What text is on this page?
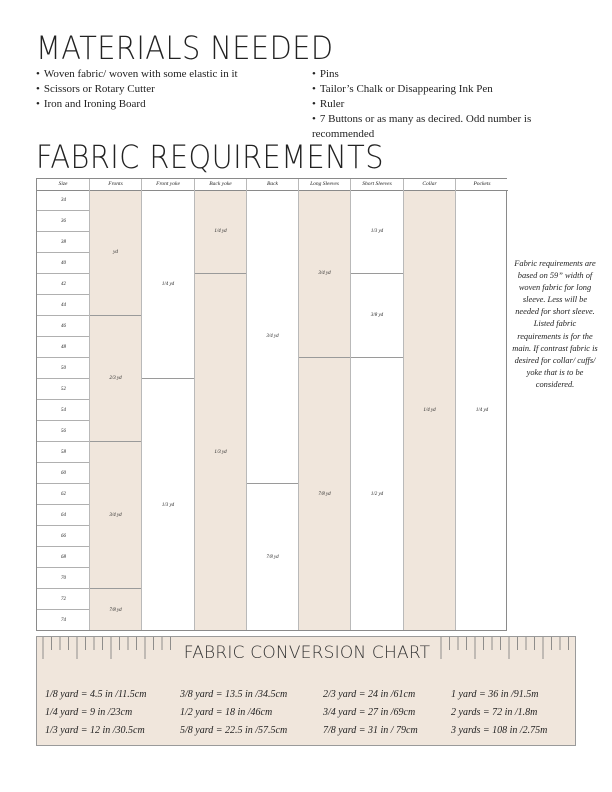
MATERIALS NEEDED
• Woven fabric/ woven with some elastic in it
• Scissors or Rotary Cutter
• Iron and Ironing Board
• Pins
• Tailor’s Chalk or Disappearing Ink Pen
• Ruler
• 7 Buttons or as many as decired. Odd number is recommended
FABRIC REQUIREMENTS
Size
34
36
38
40
42
44
46
48
50
52
54
56
58
60
62
64
66
68
70
72
74
Fronts
yd
2/3 yd
3/4 yd
7/8 yd
Front yoke
1/4 yd
1/3 yd
Back yoke
1/4 yd
1/3 yd
Back
3/4 yd
7/8 yd
Long Sleeves
3/4 yd
7/8 yd
Short Sleeves
1/3 yd
3/8 yd
1/2 yd
Collar
1/4 yd
Pockets
1/4 yd
Fabric requirements are based on 59” width of woven fabric for long sleeve. Less will be needed for short sleeve. Listed fabric requirements is for the main. If contrast fabric is desired for collar/ cuffs/ yoke that is to be considered.
FABRIC CONVERSION CHART
1/8 yard = 4.5 in /11.5cm
1/4 yard = 9 in /23cm
1/3 yard = 12 in /30.5cm
3/8 yard = 13.5 in /34.5cm
1/2 yard = 18 in /46cm
5/8 yard = 22.5 in /57.5cm
2/3 yard = 24 in /61cm
3/4 yard = 27 in /69cm
7/8 yard = 31 in / 79cm
1 yard = 36 in /91.5m
2 yards = 72 in /1.8m
3 yards = 108 in /2.75m
